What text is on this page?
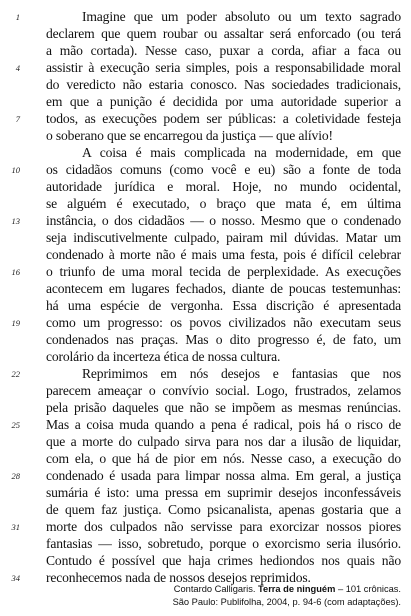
Imagine que um poder absoluto ou um texto sagrado
declarem que quem roubar ou assaltar será enforcado (ou terá
a mão cortada). Nesse caso, puxar a corda, afiar a faca ou
assistir à execução seria simples, pois a responsabilidade moral
do veredicto não estaria conosco. Nas sociedades tradicionais,
em que a punição é decidida por uma autoridade superior a
todos, as execuções podem ser públicas: a coletividade festeja
o soberano que se encarregou da justiça — que alívio!
A coisa é mais complicada na modernidade, em que
os cidadãos comuns (como você e eu) são a fonte de toda
autoridade jurídica e moral. Hoje, no mundo ocidental,
se alguém é executado, o braço que mata é, em última
instância, o dos cidadãos — o nosso. Mesmo que o condenado
seja indiscutivelmente culpado, pairam mil dúvidas. Matar um
condenado à morte não é mais uma festa, pois é difícil celebrar
o triunfo de uma moral tecida de perplexidade. As execuções
acontecem em lugares fechados, diante de poucas testemunhas:
há uma espécie de vergonha. Essa discrição é apresentada
como um progresso: os povos civilizados não executam seus
condenados nas praças. Mas o dito progresso é, de fato, um
corolário da incerteza ética de nossa cultura.
Reprimimos em nós desejos e fantasias que nos
parecem ameaçar o convívio social. Logo, frustrados, zelamos
pela prisão daqueles que não se impõem as mesmas renúncias.
Mas a coisa muda quando a pena é radical, pois há o risco de
que a morte do culpado sirva para nos dar a ilusão de liquidar,
com ela, o que há de pior em nós. Nesse caso, a execução do
condenado é usada para limpar nossa alma. Em geral, a justiça
sumária é isto: uma pressa em suprimir desejos inconfessáveis
de quem faz justiça. Como psicanalista, apenas gostaria que a
morte dos culpados não servisse para exorcizar nossos piores
fantasias — isso, sobretudo, porque o exorcismo seria ilusório.
Contudo é possível que haja crimes hediondos nos quais não
reconhecemos nada de nossos desejos reprimidos.
1
4
7
10
13
16
19
22
25
28
31
34
Contardo Calligaris. Terra de ninguém – 101 crônicas.
São Paulo: Publifolha, 2004, p. 94-6 (com adaptações).
